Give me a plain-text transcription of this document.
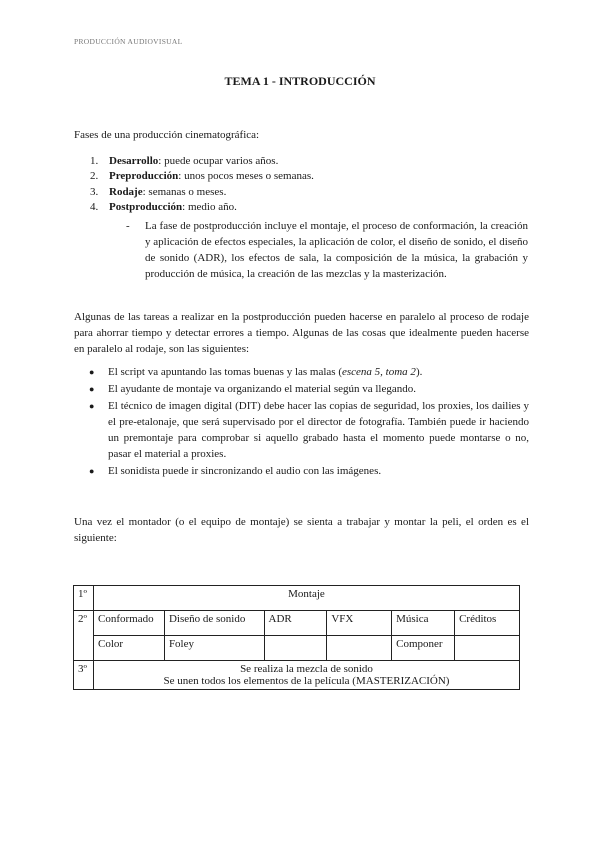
PRODUCCIÓN AUDIOVISUAL
TEMA 1 - INTRODUCCIÓN
Fases de una producción cinematográfica:
1. Desarrollo: puede ocupar varios años.
2. Preproducción: unos pocos meses o semanas.
3. Rodaje: semanas o meses.
4. Postproducción: medio año.
- La fase de postproducción incluye el montaje, el proceso de conformación, la creación y aplicación de efectos especiales, la aplicación de color, el diseño de sonido, el diseño de sonido (ADR), los efectos de sala, la composición de la música, la grabación y producción de música, la creación de las mezclas y la masterización.
Algunas de las tareas a realizar en la postproducción pueden hacerse en paralelo al proceso de rodaje para ahorrar tiempo y detectar errores a tiempo. Algunas de las cosas que idealmente pueden hacerse en paralelo al rodaje, son las siguientes:
●	El script va apuntando las tomas buenas y las malas (escena 5, toma 2).
●	El ayudante de montaje va organizando el material según va llegando.
●	El técnico de imagen digital (DIT) debe hacer las copias de seguridad, los proxies, los dailies y el pre-etalonaje, que será supervisado por el director de fotografía. También puede ir haciendo un premontaje para comprobar si aquello grabado hasta el momento puede montarse o no, pasar el material a proxies.
●	El sonidista puede ir sincronizando el audio con las imágenes.
Una vez el montador (o el equipo de montaje) se sienta a trabajar y montar la peli, el orden es el siguiente:
1º	Montaje					
2º	Conformado	Diseño de sonido	ADR	VFX	Música	Créditos
	Color	Foley			Componer	
3º	Se realiza la mezcla de sonido
Se unen todos los elementos de la película (MASTERIZACIÓN)					
